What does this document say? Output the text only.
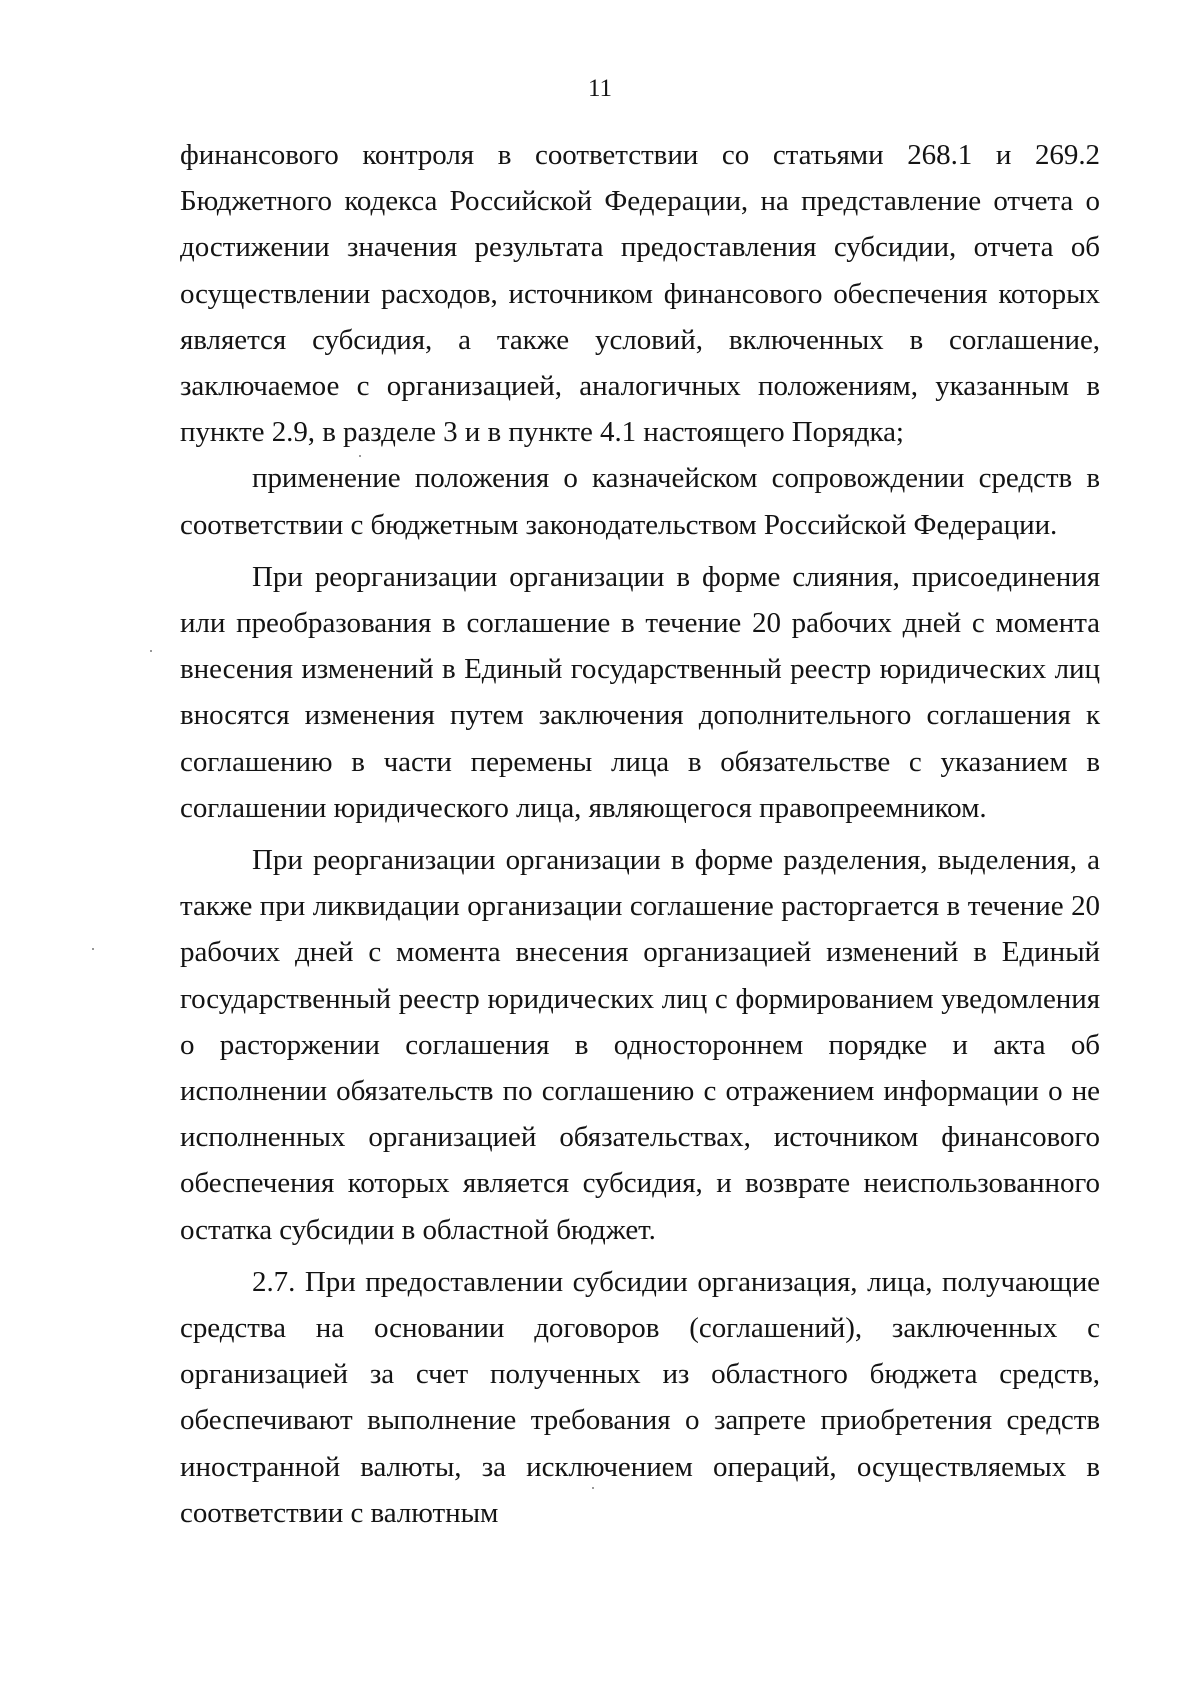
11

финансового контроля в соответствии со статьями 268.1 и 269.2 Бюджетного кодекса Российской Федерации, на представление отчета о достижении значения результата предоставления субсидии, отчета об осуществлении расходов, источником финансового обеспечения которых является субсидия, а также условий, включенных в соглашение, заключаемое с организацией, аналогичных положениям, указанным в пункте 2.9, в разделе 3 и в пункте 4.1 настоящего Порядка;

применение положения о казначейском сопровождении средств в соответствии с бюджетным законодательством Российской Федерации.

При реорганизации организации в форме слияния, присоединения или преобразования в соглашение в течение 20 рабочих дней с момента внесения изменений в Единый государственный реестр юридических лиц вносятся изменения путем заключения дополнительного соглашения к соглашению в части перемены лица в обязательстве с указанием в соглашении юридического лица, являющегося правопреемником.

При реорганизации организации в форме разделения, выделения, а также при ликвидации организации соглашение расторгается в течение 20 рабочих дней с момента внесения организацией изменений в Единый государственный реестр юридических лиц с формированием уведомления о расторжении соглашения в одностороннем порядке и акта об исполнении обязательств по соглашению с отражением информации о не исполненных организацией обязательствах, источником финансового обеспечения которых является субсидия, и возврате неиспользованного остатка субсидии в областной бюджет.

2.7. При предоставлении субсидии организация, лица, получающие средства на основании договоров (соглашений), заключенных с организацией за счет полученных из областного бюджета средств, обеспечивают выполнение требования о запрете приобретения средств иностранной валюты, за исключением операций, осуществляемых в соответствии с валютным
